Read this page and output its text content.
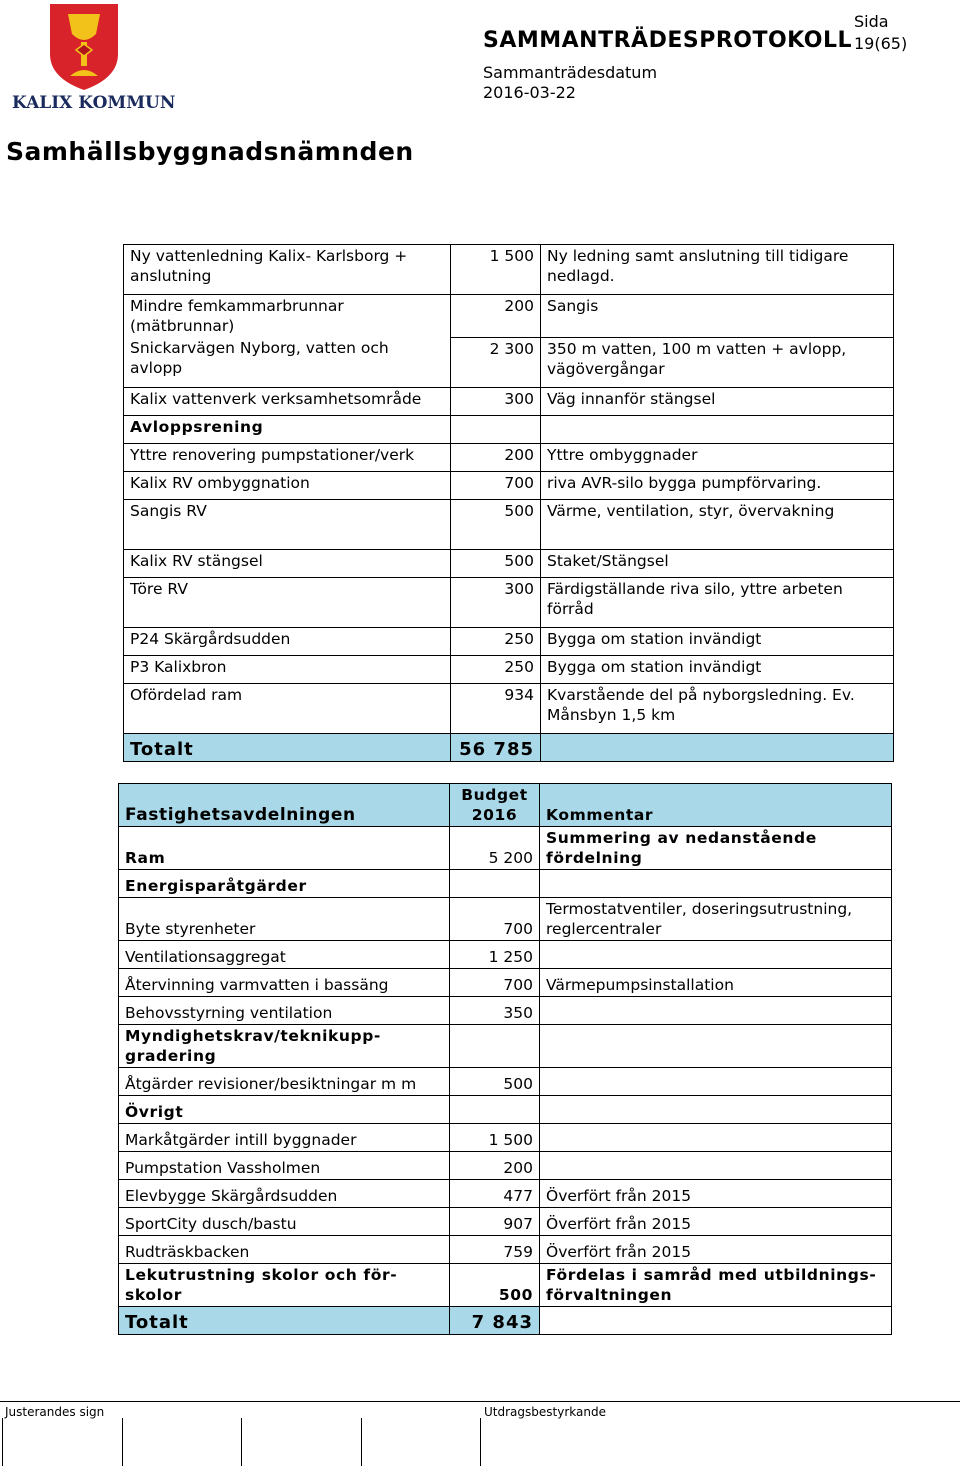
KALIX KOMMUN
SAMMANTRÄDESPROTOKOLL
Sida
19(65)
Sammanträdesdatum
2016-03-22
Samhällsbyggnadsnämnden
Ny vattenledning Kalix- Karlsborg + anslutning	1 500	Ny ledning samt anslutning till tidigare nedlagd.
Mindre femkammarbrunnar (mätbrunnar)	200	Sangis
Snickarvägen Nyborg, vatten och avlopp	2 300	350 m vatten, 100 m vatten + avlopp, vägövergångar
Kalix vattenverk verksamhetsområde	300	Väg innanför stängsel
Avloppsrening		
Yttre renovering pumpstationer/verk	200	Yttre ombyggnader
Kalix RV ombyggnation	700	riva AVR-silo bygga pumpförvaring.
Sangis RV	500	Värme, ventilation, styr, övervakning
Kalix RV stängsel	500	Staket/Stängsel
Töre RV	300	Färdigställande riva silo, yttre arbeten förråd
P24 Skärgårdsudden	250	Bygga om station invändigt
P3 Kalixbron	250	Bygga om station invändigt
Ofördelad ram	934	Kvarstående del på nyborgsledning. Ev. Månsbyn 1,5 km
Totalt	56 785	
Fastighetsavdelningen	Budget 2016	Kommentar
Ram	5 200	Summering av nedanstående fördelning
Energisparåtgärder		
Byte styrenheter	700	Termostatventiler, doseringsutrustning, reglercentraler
Ventilationsaggregat	1 250	
Återvinning varmvatten i bassäng	700	Värmepumpsinstallation
Behovsstyrning ventilation	350	
Myndighetskrav/teknikupp-gradering		
Åtgärder revisioner/besiktningar m m	500	
Övrigt		
Markåtgärder intill byggnader	1 500	
Pumpstation Vassholmen	200	
Elevbygge Skärgårdsudden	477	Överfört från 2015
SportCity dusch/bastu	907	Överfört från 2015
Rudträskbacken	759	Överfört från 2015
Lekutrustning skolor och för-skolor	500	Fördelas i samråd med utbildnings-förvaltningen
Totalt	7 843	
Justerandes sign	Utdragsbestyrkande
